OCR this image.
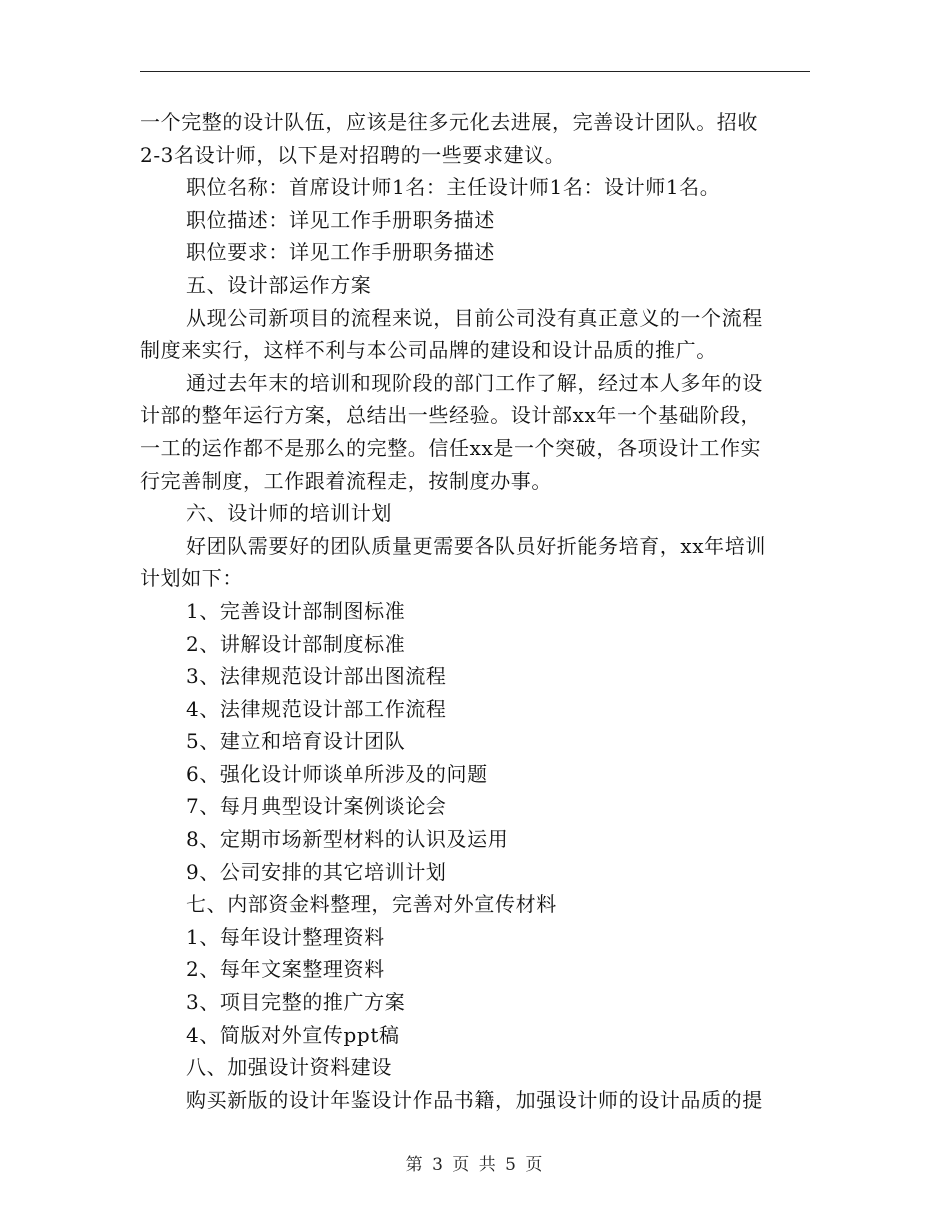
一个完整的设计队伍，应该是往多元化去进展，完善设计团队。招收
2-3名设计师，以下是对招聘的一些要求建议。
职位名称：首席设计师1名：主任设计师1名：设计师1名。
职位描述：详见工作手册职务描述
职位要求：详见工作手册职务描述
五、设计部运作方案
从现公司新项目的流程来说，目前公司没有真正意义的一个流程
制度来实行，这样不利与本公司品牌的建设和设计品质的推广。
通过去年末的培训和现阶段的部门工作了解，经过本人多年的设
计部的整年运行方案，总结出一些经验。设计部xx年一个基础阶段，
一工的运作都不是那么的完整。信任xx是一个突破，各项设计工作实
行完善制度，工作跟着流程走，按制度办事。
六、设计师的培训计划
好团队需要好的团队质量更需要各队员好折能务培育，xx年培训
计划如下：
1、完善设计部制图标准
2、讲解设计部制度标准
3、法律规范设计部出图流程
4、法律规范设计部工作流程
5、建立和培育设计团队
6、强化设计师谈单所涉及的问题
7、每月典型设计案例谈论会
8、定期市场新型材料的认识及运用
9、公司安排的其它培训计划
七、内部资金料整理，完善对外宣传材料
1、每年设计整理资料
2、每年文案整理资料
3、项目完整的推广方案
4、简版对外宣传ppt稿
八、加强设计资料建设
购买新版的设计年鉴设计作品书籍，加强设计师的设计品质的提
第 3 页 共 5 页
